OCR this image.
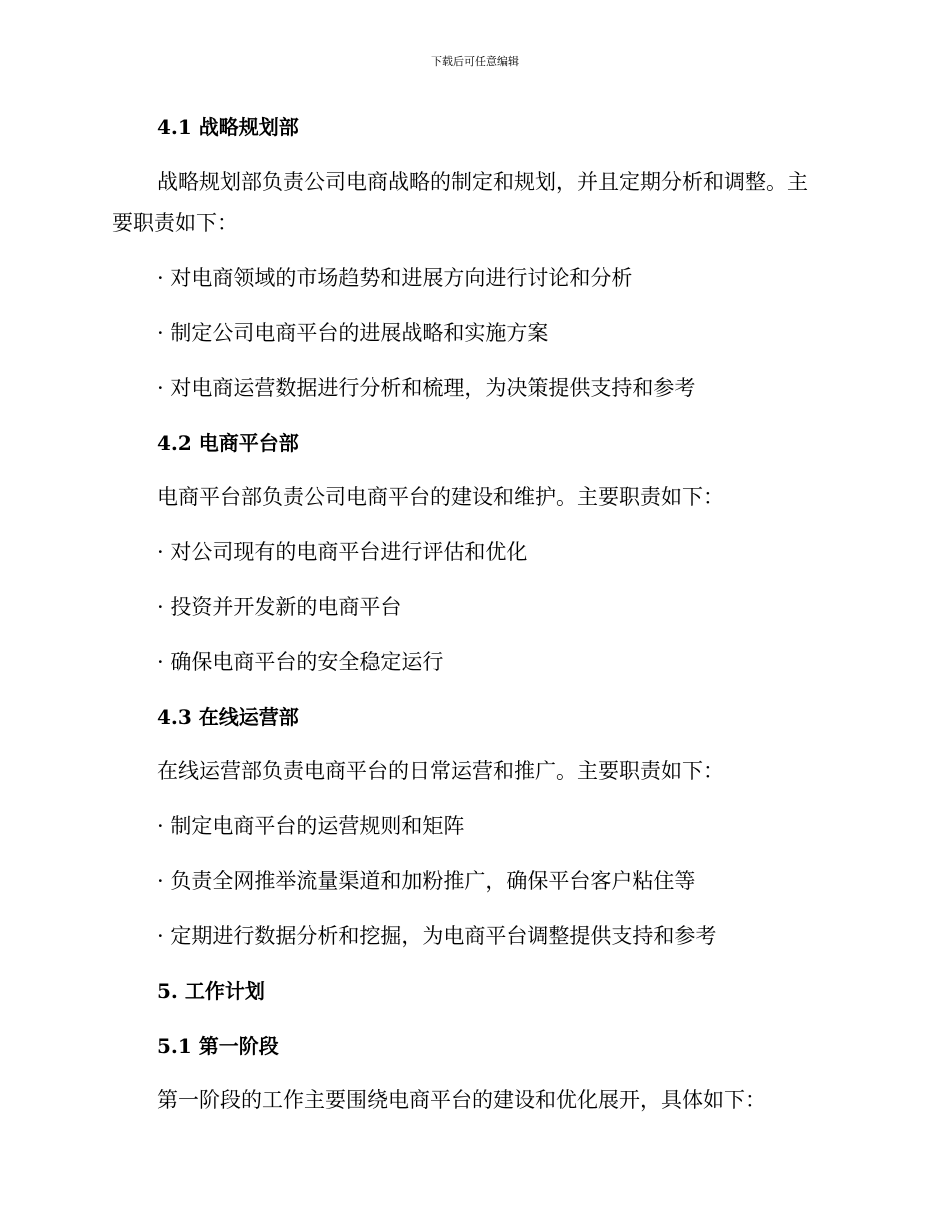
下载后可任意编辑
4.1 战略规划部
战略规划部负责公司电商战略的制定和规划，并且定期分析和调整。主
要职责如下：
· 对电商领域的市场趋势和进展方向进行讨论和分析
· 制定公司电商平台的进展战略和实施方案
· 对电商运营数据进行分析和梳理，为决策提供支持和参考
4.2 电商平台部
电商平台部负责公司电商平台的建设和维护。主要职责如下：
· 对公司现有的电商平台进行评估和优化
· 投资并开发新的电商平台
· 确保电商平台的安全稳定运行
4.3 在线运营部
在线运营部负责电商平台的日常运营和推广。主要职责如下：
· 制定电商平台的运营规则和矩阵
· 负责全网推举流量渠道和加粉推广，确保平台客户粘住等
· 定期进行数据分析和挖掘，为电商平台调整提供支持和参考
5. 工作计划
5.1 第一阶段
第一阶段的工作主要围绕电商平台的建设和优化展开，具体如下：
